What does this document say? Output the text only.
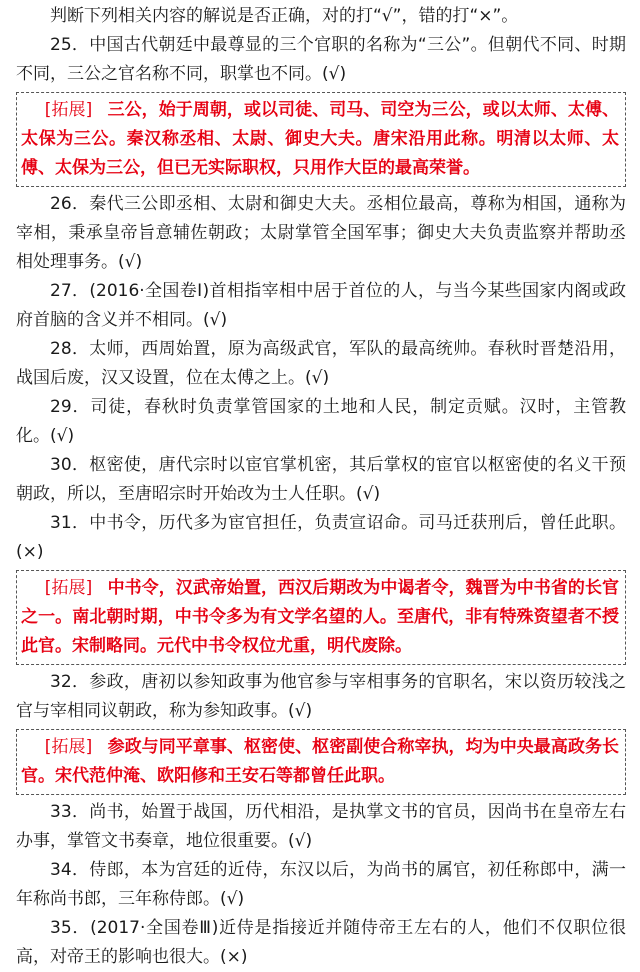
判断下列相关内容的解说是否正确，对的打“√”，错的打“×”。

25．中国古代朝廷中最尊显的三个官职的名称为“三公”。但朝代不同、时期不同，三公之官名称不同，职掌也不同。(√)

[拓展] 三公，始于周朝，或以司徒、司马、司空为三公，或以太师、太傅、太保为三公。秦汉称丞相、太尉、御史大夫。唐宋沿用此称。明清以太师、太傅、太保为三公，但已无实际职权，只用作大臣的最高荣誉。

26．秦代三公即丞相、太尉和御史大夫。丞相位最高，尊称为相国，通称为宰相，秉承皇帝旨意辅佐朝政；太尉掌管全国军事；御史大夫负责监察并帮助丞相处理事务。(√)

27．(2016·全国卷Ⅰ)首相指宰相中居于首位的人，与当今某些国家内阁或政府首脑的含义并不相同。(√)

28．太师，西周始置，原为高级武官，军队的最高统帅。春秋时晋楚沿用，战国后废，汉又设置，位在太傅之上。(√)

29．司徒，春秋时负责掌管国家的土地和人民，制定贡赋。汉时，主管教化。(√)

30．枢密使，唐代宗时以宦官掌机密，其后掌权的宦官以枢密使的名义干预朝政，所以，至唐昭宗时开始改为士人任职。(√)

31．中书令，历代多为宦官担任，负责宣诏命。司马迁获刑后，曾任此职。(×)

[拓展] 中书令，汉武帝始置，西汉后期改为中谒者令，魏晋为中书省的长官之一。南北朝时期，中书令多为有文学名望的人。至唐代，非有特殊资望者不授此官。宋制略同。元代中书令权位尤重，明代废除。

32．参政，唐初以参知政事为他官参与宰相事务的官职名，宋以资历较浅之官与宰相同议朝政，称为参知政事。(√)

[拓展] 参政与同平章事、枢密使、枢密副使合称宰执，均为中央最高政务长官。宋代范仲淹、欧阳修和王安石等都曾任此职。

33．尚书，始置于战国，历代相沿，是执掌文书的官员，因尚书在皇帝左右办事，掌管文书奏章，地位很重要。(√)

34．侍郎，本为宫廷的近侍，东汉以后，为尚书的属官，初任称郎中，满一年称尚书郎，三年称侍郎。(√)

35．(2017·全国卷Ⅲ)近侍是指接近并随侍帝王左右的人，他们不仅职位很高，对帝王的影响也很大。(×)
